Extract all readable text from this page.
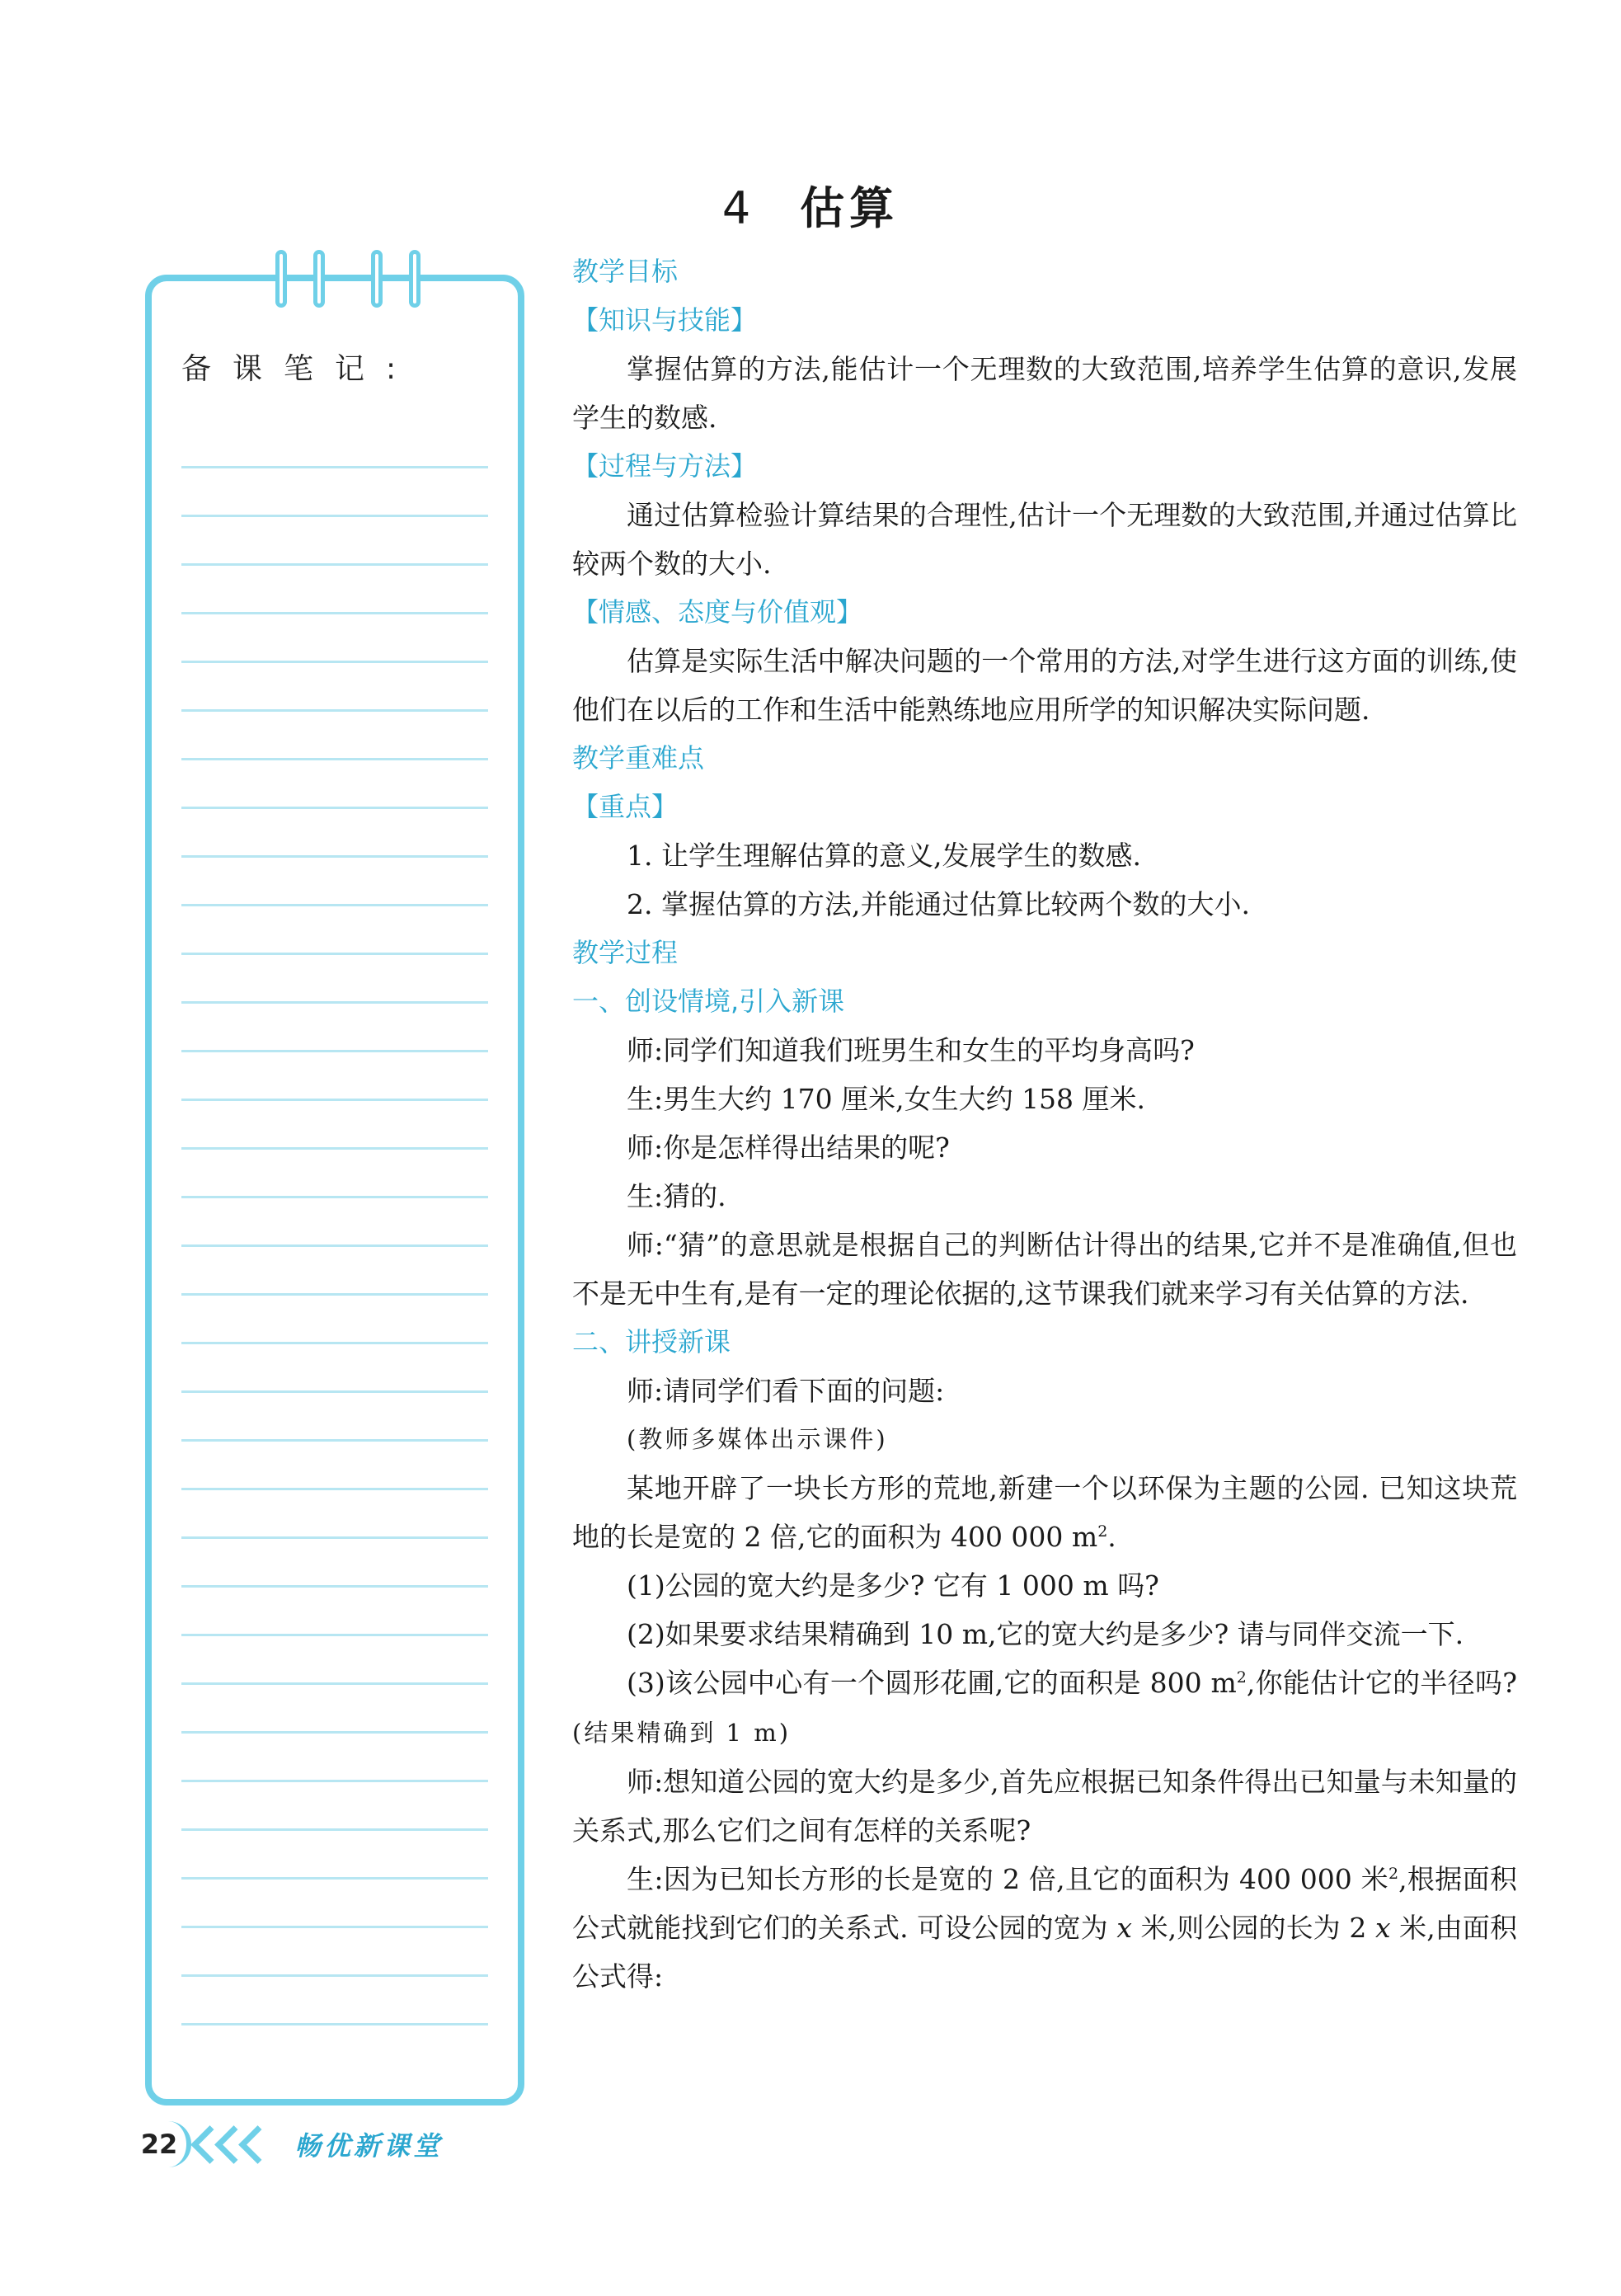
4 估算
备课笔记:

教学目标

【知识与技能】

掌握估算的方法,能估计一个无理数的大致范围,培养学生估算的意识,发展学生的数感.

【过程与方法】

通过估算检验计算结果的合理性,估计一个无理数的大致范围,并通过估算比较两个数的大小.

【情感、态度与价值观】

估算是实际生活中解决问题的一个常用的方法,对学生进行这方面的训练,使他们在以后的工作和生活中能熟练地应用所学的知识解决实际问题.

教学重难点

【重点】

1. 让学生理解估算的意义,发展学生的数感.

2. 掌握估算的方法,并能通过估算比较两个数的大小.

教学过程

一、创设情境,引入新课

师:同学们知道我们班男生和女生的平均身高吗?

生:男生大约 170 厘米,女生大约 158 厘米.

师:你是怎样得出结果的呢?

生:猜的.

师:“猜”的意思就是根据自己的判断估计得出的结果,它并不是准确值,但也不是无中生有,是有一定的理论依据的,这节课我们就来学习有关估算的方法.

二、讲授新课

师:请同学们看下面的问题:

(教师多媒体出示课件)

某地开辟了一块长方形的荒地,新建一个以环保为主题的公园. 已知这块荒地的长是宽的 2 倍,它的面积为 400 000 $m^2$.

(1)公园的宽大约是多少? 它有 1 000 m 吗?

(2)如果要求结果精确到 10 m,它的宽大约是多少? 请与同伴交流一下.

(3)该公园中心有一个圆形花圃,它的面积是 800 $m^2$,你能估计它的半径吗? (结果精确到 1 m)

师:想知道公园的宽大约是多少,首先应根据已知条件得出已知量与未知量的关系式,那么它们之间有怎样的关系呢?

生:因为已知长方形的长是宽的 2 倍,且它的面积为 400 000 米$^2$,根据面积公式就能找到它们的关系式. 可设公园的宽为 x 米,则公园的长为 2 x 米,由面积公式得:

22	畅优新课堂
